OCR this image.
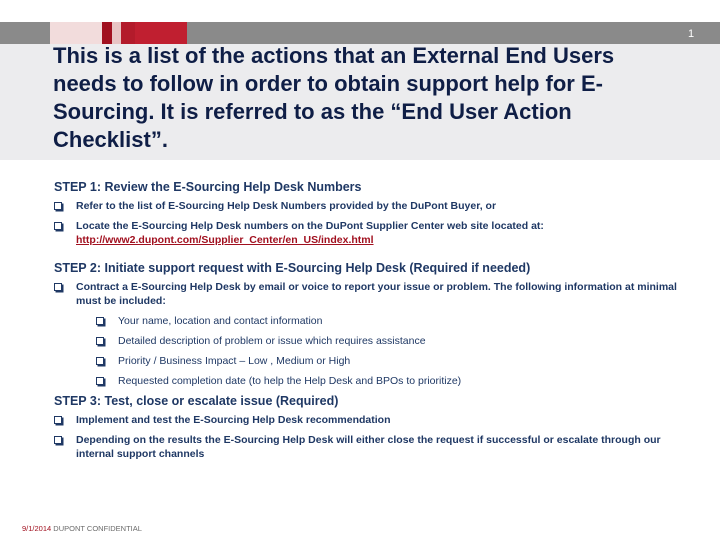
1
This is a list of the actions that an External End Users needs to follow in order to obtain support help for E-Sourcing. It is referred to as the “End User Action Checklist”.

STEP 1: Review the E-Sourcing Help Desk Numbers

Refer to the list of E-Sourcing Help Desk Numbers provided by the DuPont Buyer, or
Locate the E-Sourcing Help Desk numbers on the DuPont Supplier Center web site located at:
http://www2.dupont.com/Supplier_Center/en_US/index.html

STEP 2: Initiate support request with E-Sourcing Help Desk (Required if needed)

Contract a E-Sourcing Help Desk by email or voice to report your issue or problem. The following information at minimal must be included:
Your name, location and contact information
Detailed description of problem or issue which requires assistance
Priority / Business Impact – Low , Medium or High
Requested completion date (to help the Help Desk and BPOs to prioritize)

STEP 3: Test, close or escalate issue (Required)

Implement and test the E-Sourcing Help Desk recommendation
Depending on the results the E-Sourcing Help Desk will either close the request if successful or escalate through our internal support channels
9/1/2014 DUPONT CONFIDENTIAL
